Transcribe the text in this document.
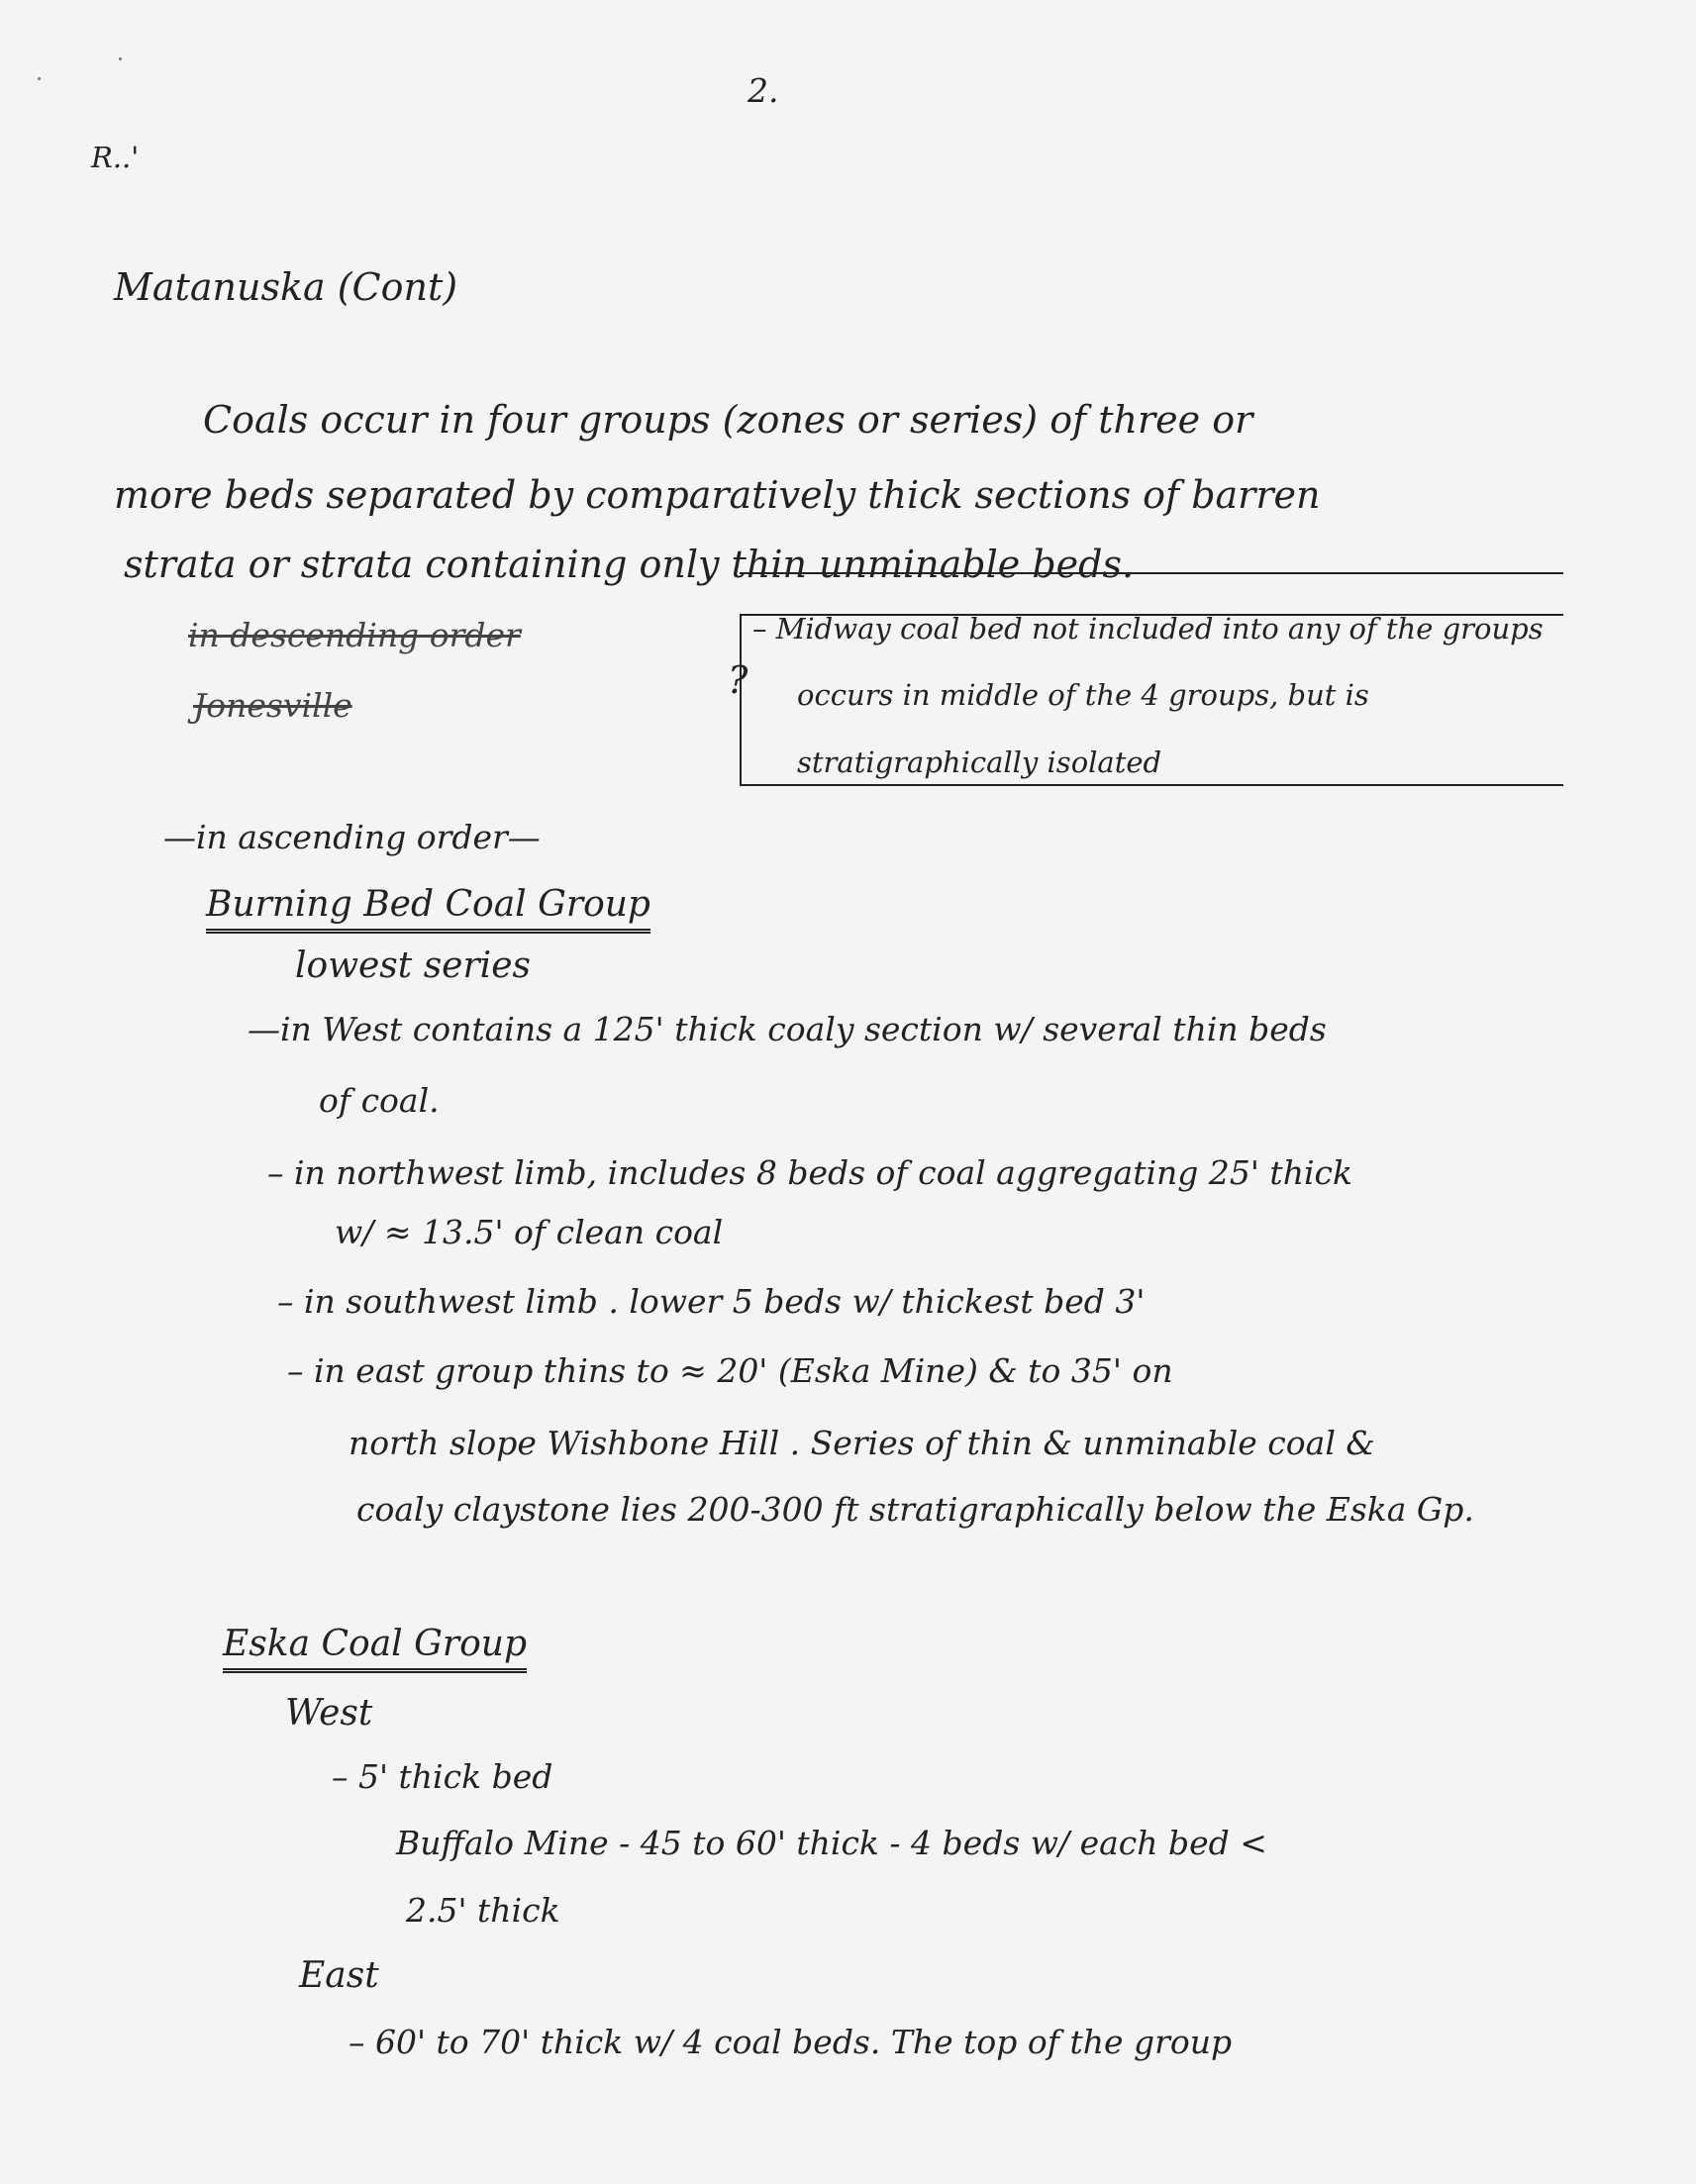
2.
R..'
Matanuska (Cont)
Coals occur in four groups (zones or series) of three or
more beds separated by comparatively thick sections of barren
strata or strata containing only thin unminable beds.
in descending order
Jonesville
?
– Midway coal bed not included into any of the groups
occurs in middle of the 4 groups, but is
stratigraphically isolated
—in ascending order—
Burning Bed Coal Group
lowest series
—in West contains a 125' thick coaly section w/ several thin beds
of coal.
– in northwest limb, includes 8 beds of coal aggregating 25' thick
w/ ≈ 13.5' of clean coal
– in southwest limb . lower 5 beds w/ thickest bed 3'
– in east group thins to ≈ 20' (Eska Mine) & to 35' on
north slope Wishbone Hill . Series of thin & unminable coal &
coaly claystone lies 200-300 ft stratigraphically below the Eska Gp.
Eska Coal Group
West
– 5' thick bed
Buffalo Mine - 45 to 60' thick - 4 beds w/ each bed <
2.5' thick
East
– 60' to 70' thick w/ 4 coal beds. The top of the group
